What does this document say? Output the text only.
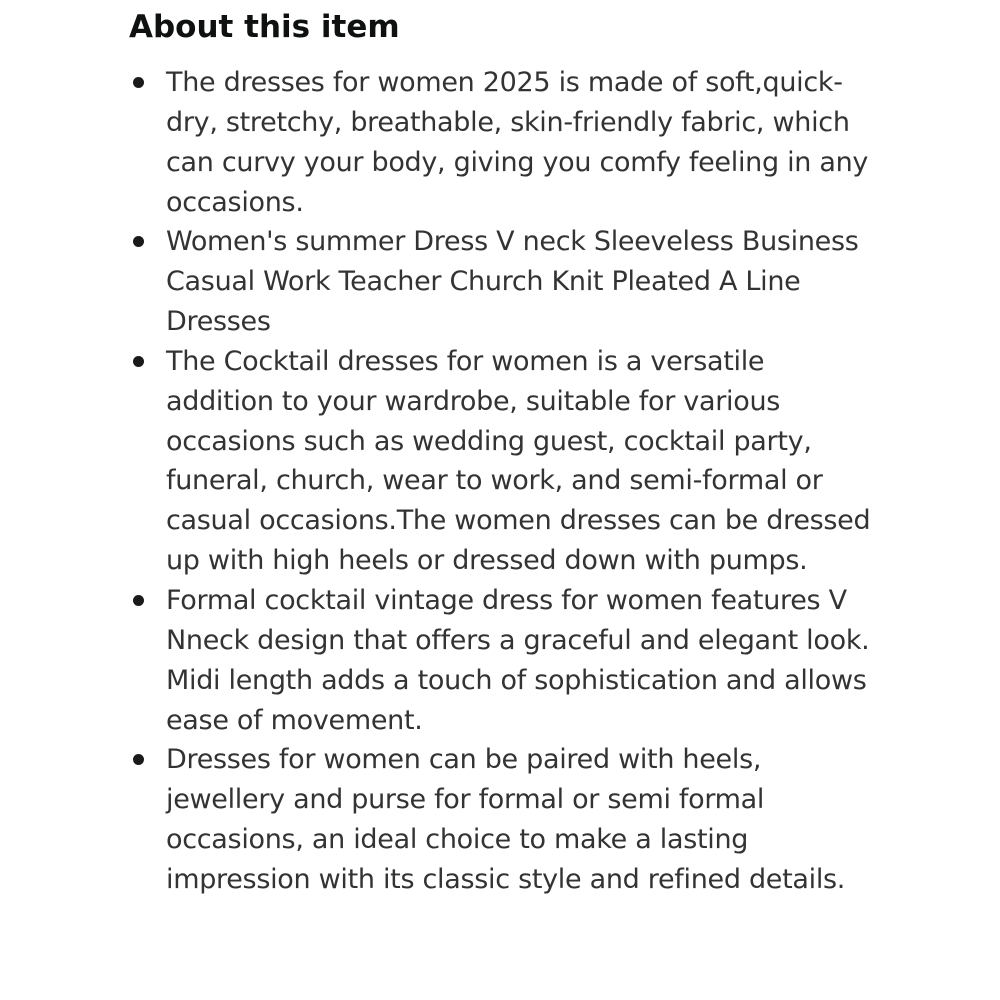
About this item
The dresses for women 2025 is made of soft,quick-dry, stretchy, breathable, skin-friendly fabric, which can curvy your body, giving you comfy feeling in any occasions.
Women's summer Dress V neck Sleeveless Business Casual Work Teacher Church Knit Pleated A Line Dresses
The Cocktail dresses for women is a versatile addition to your wardrobe, suitable for various occasions such as wedding guest, cocktail party, funeral, church, wear to work, and semi-formal or casual occasions.The women dresses can be dressed up with high heels or dressed down with pumps.
Formal cocktail vintage dress for women features V Nneck design that offers a graceful and elegant look. Midi length adds a touch of sophistication and allows ease of movement.
Dresses for women can be paired with heels, jewellery and purse for formal or semi formal occasions, an ideal choice to make a lasting impression with its classic style and refined details.
